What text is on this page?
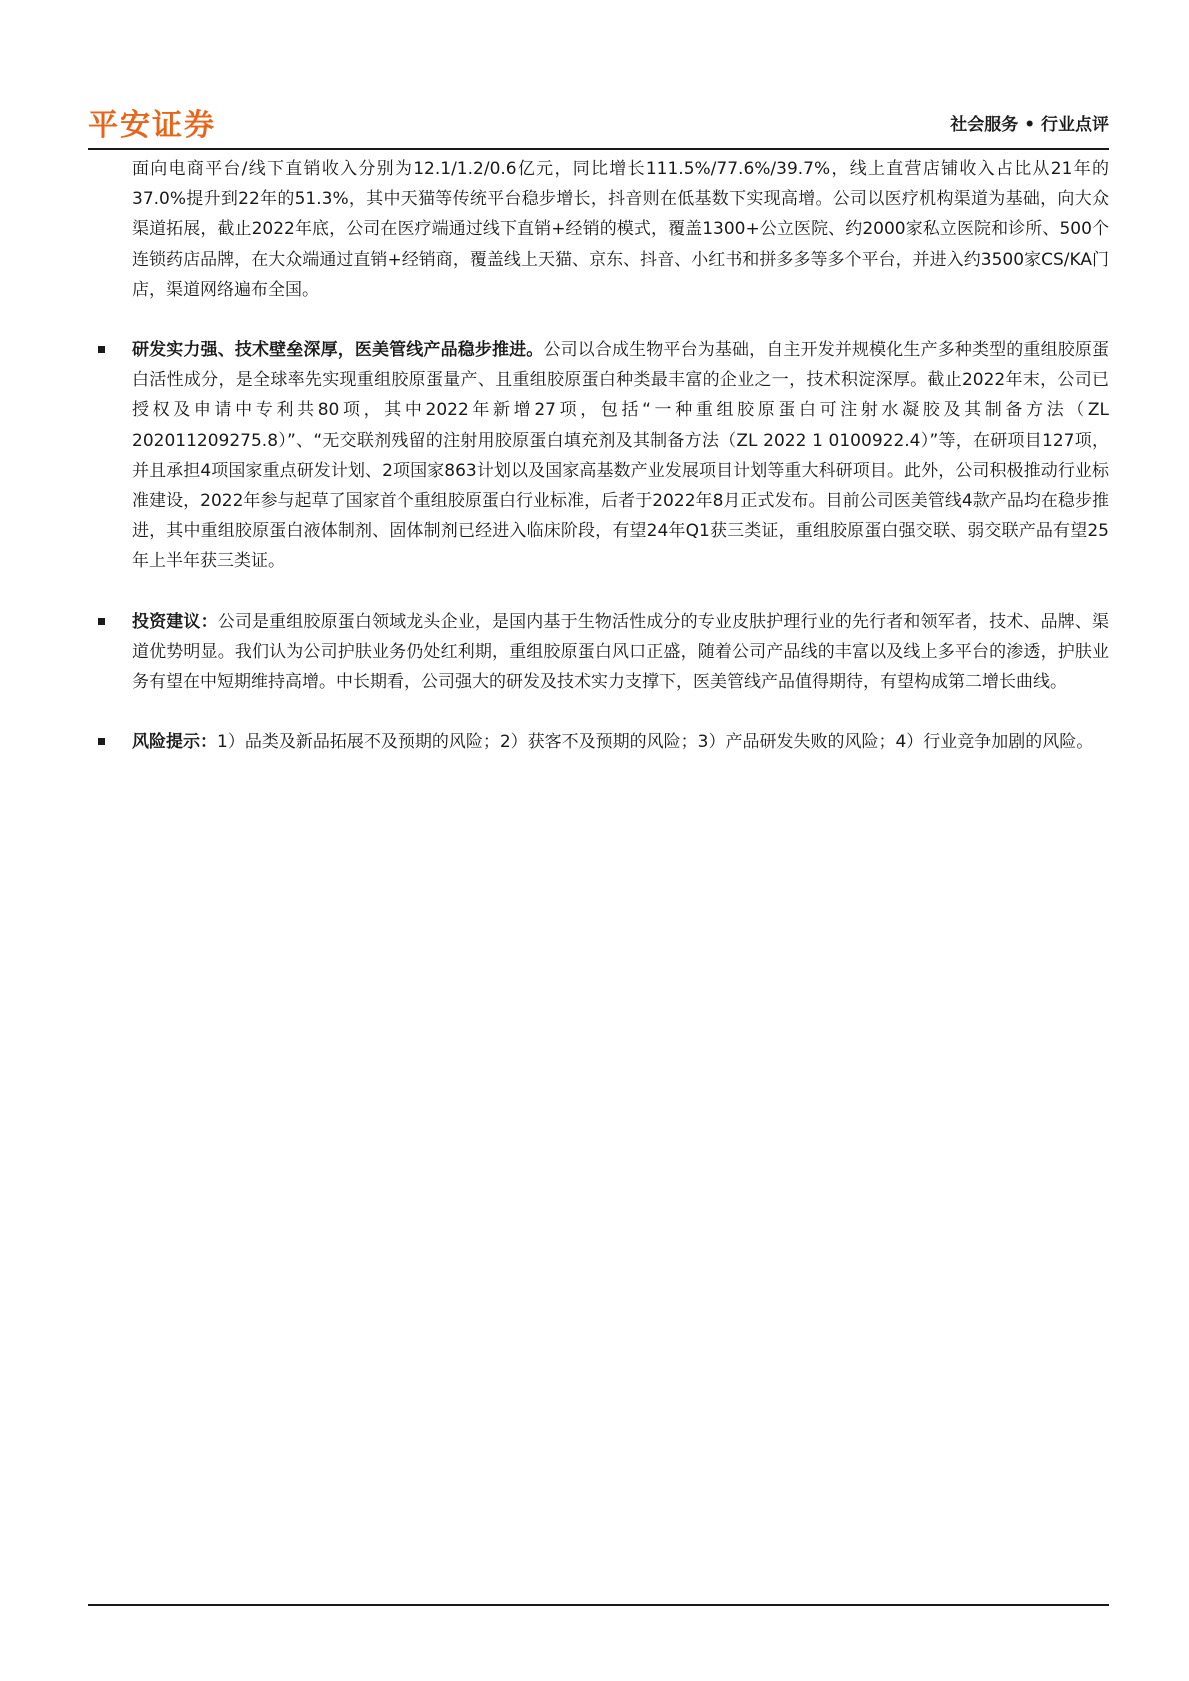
平安证券	社会服务 • 行业点评

面向电商平台/线下直销收入分别为12.1/1.2/0.6亿元，同比增长111.5%/77.6%/39.7%，线上直营店铺收入占比从21年的37.0%提升到22年的51.3%，其中天猫等传统平台稳步增长，抖音则在低基数下实现高增。公司以医疗机构渠道为基础，向大众渠道拓展，截止2022年底，公司在医疗端通过线下直销+经销的模式，覆盖1300+公立医院、约2000家私立医院和诊所、500个连锁药店品牌，在大众端通过直销+经销商，覆盖线上天猫、京东、抖音、小红书和拼多多等多个平台，并进入约3500家CS/KA门店，渠道网络遍布全国。

研发实力强、技术壁垒深厚，医美管线产品稳步推进。公司以合成生物平台为基础，自主开发并规模化生产多种类型的重组胶原蛋白活性成分，是全球率先实现重组胶原蛋量产、且重组胶原蛋白种类最丰富的企业之一，技术积淀深厚。截止2022年末，公司已授权及申请中专利共80项，其中2022年新增27项，包括“一种重组胶原蛋白可注射水凝胶及其制备方法（ZL 202011209275.8）”、“无交联剂残留的注射用胶原蛋白填充剂及其制备方法（ZL 2022 1 0100922.4）”等，在研项目127项，并且承担4项国家重点研发计划、2项国家863计划以及国家高基数产业发展项目计划等重大科研项目。此外，公司积极推动行业标准建设，2022年参与起草了国家首个重组胶原蛋白行业标准，后者于2022年8月正式发布。目前公司医美管线4款产品均在稳步推进，其中重组胶原蛋白液体制剂、固体制剂已经进入临床阶段，有望24年Q1获三类证，重组胶原蛋白强交联、弱交联产品有望25年上半年获三类证。

投资建议：公司是重组胶原蛋白领域龙头企业，是国内基于生物活性成分的专业皮肤护理行业的先行者和领军者，技术、品牌、渠道优势明显。我们认为公司护肤业务仍处红利期，重组胶原蛋白风口正盛，随着公司产品线的丰富以及线上多平台的渗透，护肤业务有望在中短期维持高增。中长期看，公司强大的研发及技术实力支撑下，医美管线产品值得期待，有望构成第二增长曲线。

风险提示：1）品类及新品拓展不及预期的风险；2）获客不及预期的风险；3）产品研发失败的风险；4）行业竞争加剧的风险。
